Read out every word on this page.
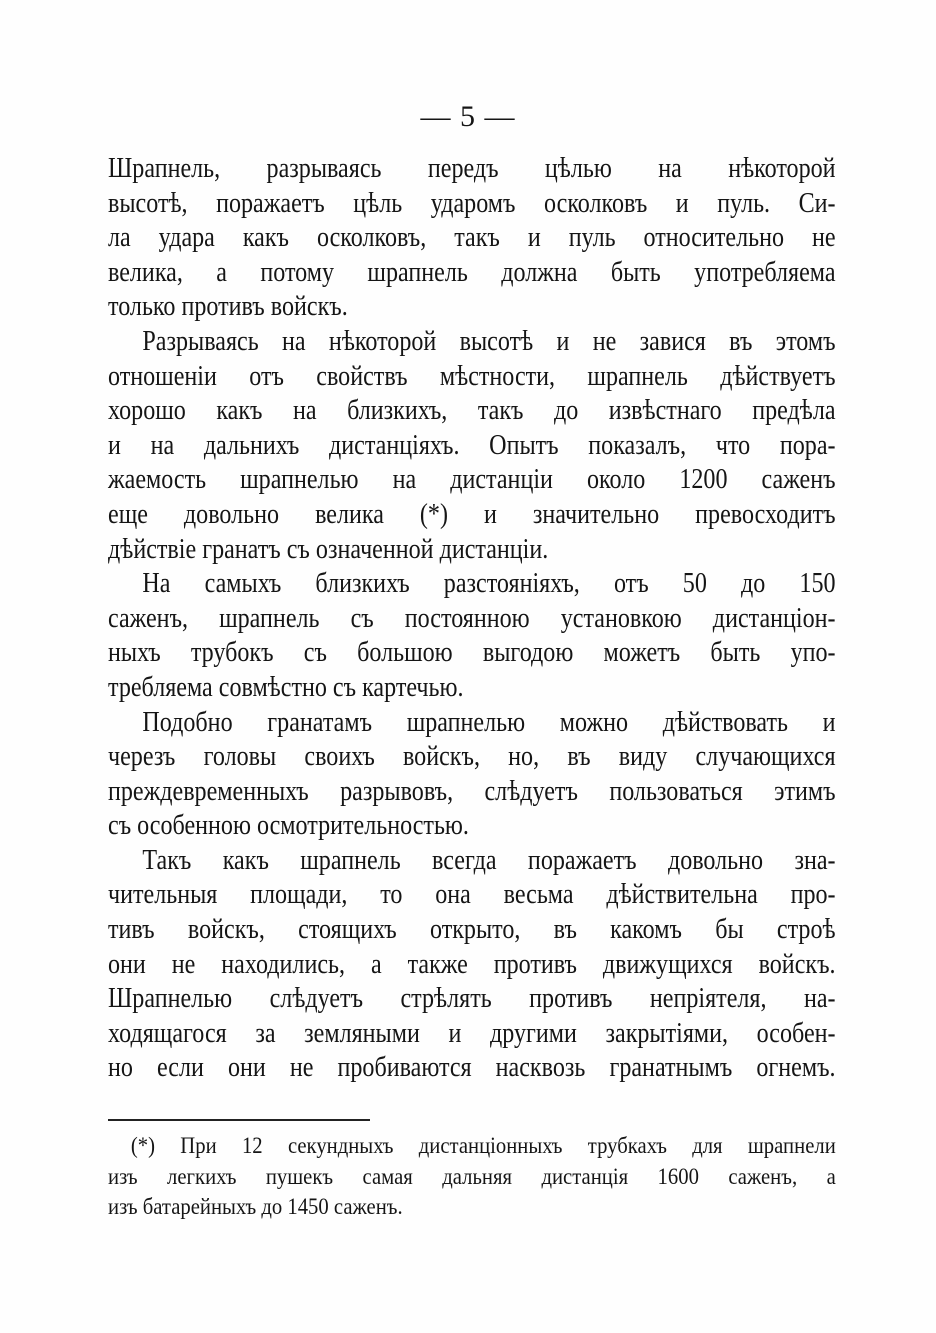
— 5 —
Шрапнель, разрываясь передъ цѣлью на нѣкоторой
высотѣ, поражаетъ цѣль ударомъ осколковъ и пуль. Си-
ла удара какъ осколковъ, такъ и пуль относительно не
велика, а потому шрапнель должна быть употребляема
только противъ войскъ.
Разрываясь на нѣкоторой высотѣ и не завися въ этомъ
отношеніи отъ свойствъ мѣстности, шрапнель дѣйствуетъ
хорошо какъ на близкихъ, такъ до извѣстнаго предѣла
и на дальнихъ дистанціяхъ. Опытъ показалъ, что пора-
жаемость шрапнелью на дистанціи около 1200 саженъ
еще довольно велика (*) и значительно превосходитъ
дѣйствіе гранатъ съ означенной дистанціи.
На самыхъ близкихъ разстояніяхъ, отъ 50 до 150
саженъ, шрапнель съ постоянною установкою дистанціон-
ныхъ трубокъ съ большою выгодою можетъ быть упо-
требляема совмѣстно съ картечью.
Подобно гранатамъ шрапнелью можно дѣйствовать и
черезъ головы своихъ войскъ, но, въ виду случающихся
преждевременныхъ разрывовъ, слѣдуетъ пользоваться этимъ
съ особенною осмотрительностью.
Такъ какъ шрапнель всегда поражаетъ довольно зна-
чительныя площади, то она весьма дѣйствительна про-
тивъ войскъ, стоящихъ открыто, въ какомъ бы строѣ
они не находились, а также противъ движущихся войскъ.
Шрапнелью слѣдуетъ стрѣлять противъ непріятеля, на-
ходящагося за земляными и другими закрытіями, особен-
но если они не пробиваются насквозь гранатнымъ огнемъ.
(*) При 12 секундныхъ дистанціонныхъ трубкахъ для шрапнели
изъ легкихъ пушекъ самая дальняя дистанція 1600 саженъ, а
изъ батарейныхъ до 1450 саженъ.
